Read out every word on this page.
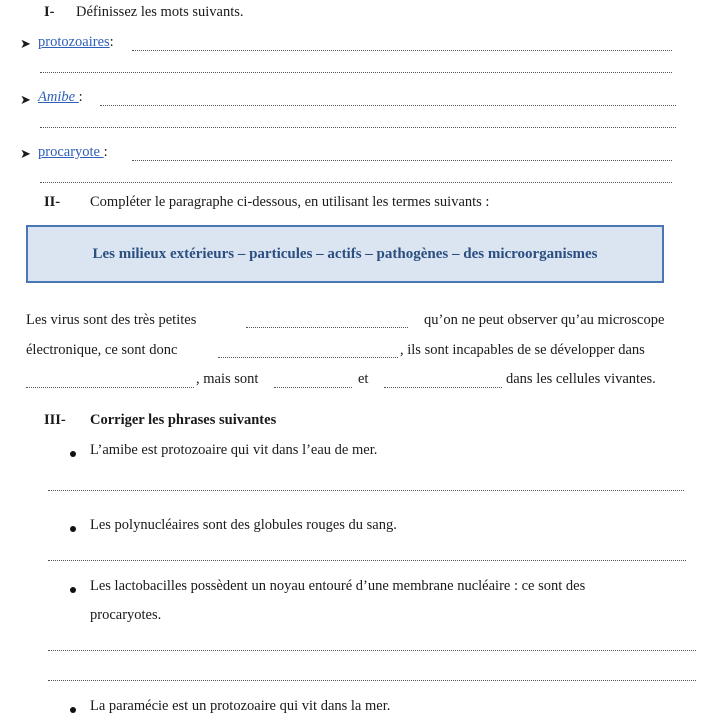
I- Définissez les mots suivants.
➤ protozoaires:
➤ Amibe :
➤ procaryote :
II- Compléter le paragraphe ci-dessous, en utilisant les termes suivants :
Les milieux extérieurs – particules – actifs – pathogènes – des microorganismes
Les virus sont des très petites	qu’on ne peut observer qu’au microscope
électronique, ce sont donc	, ils sont incapables de se développer dans
, mais sont	et	dans les cellules vivantes.
III- Corriger les phrases suivantes
L’amibe est protozoaire qui vit dans l’eau de mer.
Les polynucléaires sont des globules rouges du sang.
Les lactobacilles possèdent un noyau entouré d’une membrane nucléaire : ce sont des
procaryotes.
La paramécie est un protozoaire qui vit dans la mer.
